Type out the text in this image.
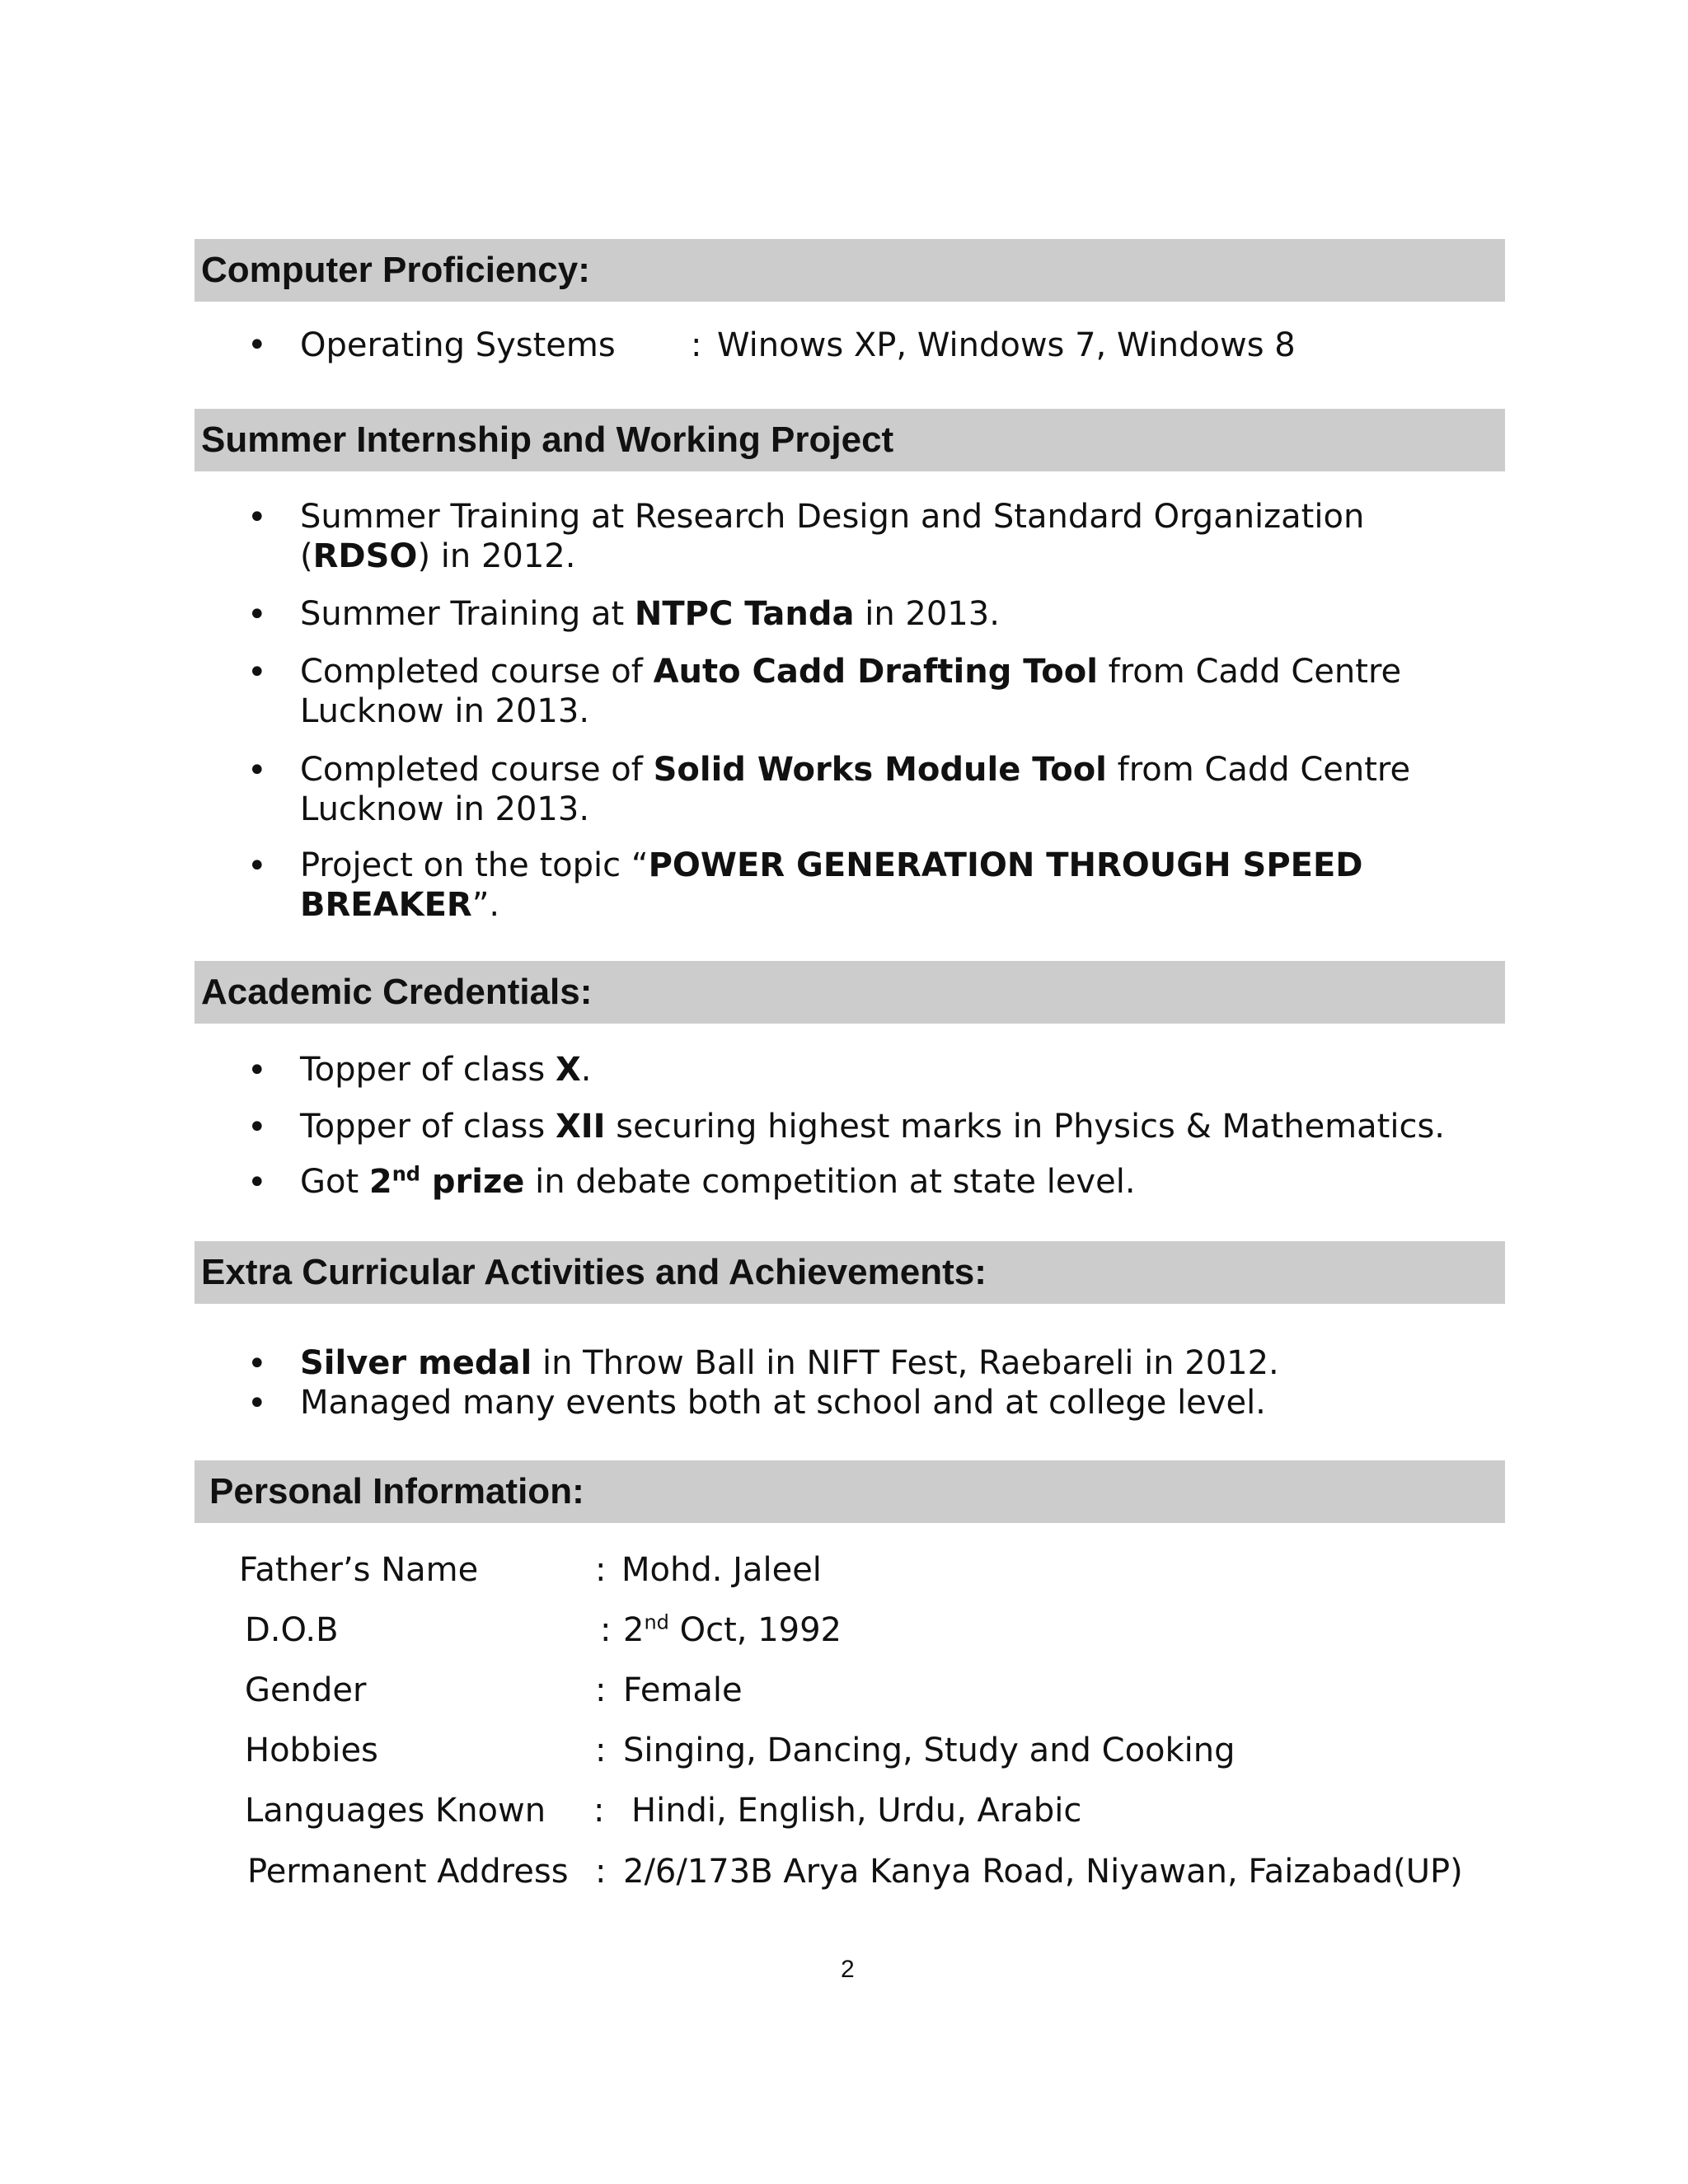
Computer Proficiency:
• Operating Systems : Winows XP, Windows 7, Windows 8
Summer Internship and Working Project
• Summer Training at Research Design and Standard Organization (RDSO) in 2012.
• Summer Training at NTPC Tanda in 2013.
• Completed course of Auto Cadd Drafting Tool from Cadd Centre Lucknow in 2013.
• Completed course of Solid Works Module Tool from Cadd Centre Lucknow in 2013.
• Project on the topic “POWER GENERATION THROUGH SPEED BREAKER”.
Academic Credentials:
• Topper of class X.
• Topper of class XII securing highest marks in Physics & Mathematics.
• Got 2nd prize in debate competition at state level.
Extra Curricular Activities and Achievements:
• Silver medal in Throw Ball in NIFT Fest, Raebareli in 2012.
• Managed many events both at school and at college level.
Personal Information:
Father’s Name	: Mohd. Jaleel
D.O.B	: 2nd Oct, 1992
Gender	: Female
Hobbies	: Singing, Dancing, Study and Cooking
Languages Known : Hindi, English, Urdu, Arabic
Permanent Address : 2/6/173B Arya Kanya Road, Niyawan, Faizabad(UP)
2
